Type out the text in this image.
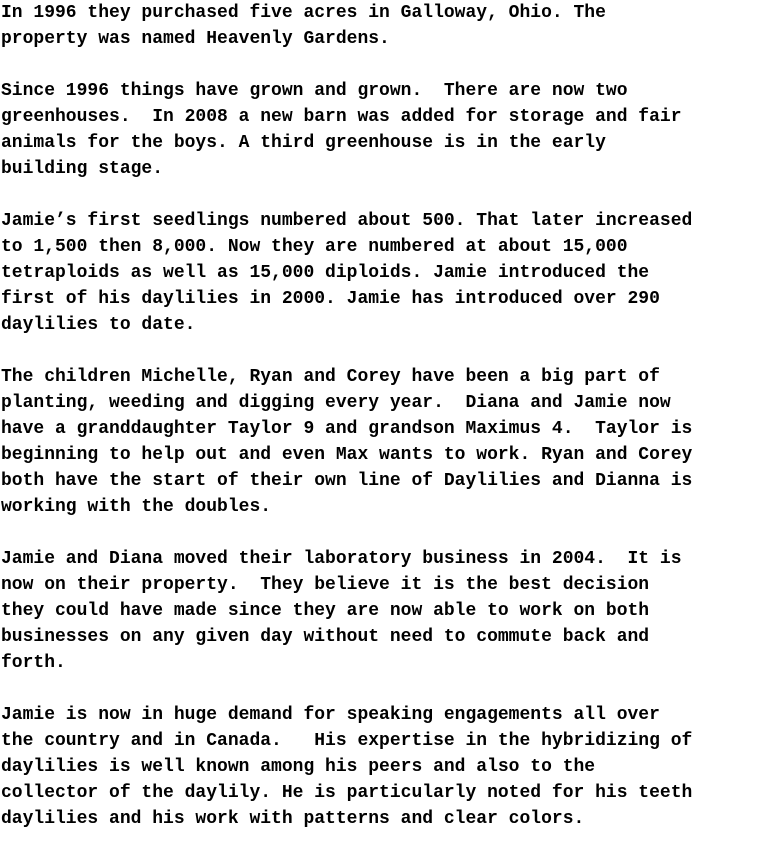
In 1996 they purchased five acres in Galloway, Ohio. The
property was named Heavenly Gardens.
Since 1996 things have grown and grown.  There are now two
greenhouses.  In 2008 a new barn was added for storage and fair
animals for the boys. A third greenhouse is in the early
building stage.
Jamie’s first seedlings numbered about 500. That later increased
to 1,500 then 8,000. Now they are numbered at about 15,000
tetraploids as well as 15,000 diploids. Jamie introduced the
first of his daylilies in 2000. Jamie has introduced over 290
daylilies to date.
The children Michelle, Ryan and Corey have been a big part of
planting, weeding and digging every year.  Diana and Jamie now
have a granddaughter Taylor 9 and grandson Maximus 4.  Taylor is
beginning to help out and even Max wants to work. Ryan and Corey
both have the start of their own line of Daylilies and Dianna is
working with the doubles.
Jamie and Diana moved their laboratory business in 2004.  It is
now on their property.  They believe it is the best decision
they could have made since they are now able to work on both
businesses on any given day without need to commute back and
forth.
Jamie is now in huge demand for speaking engagements all over
the country and in Canada.   His expertise in the hybridizing of
daylilies is well known among his peers and also to the
collector of the daylily. He is particularly noted for his teeth
daylilies and his work with patterns and clear colors.
